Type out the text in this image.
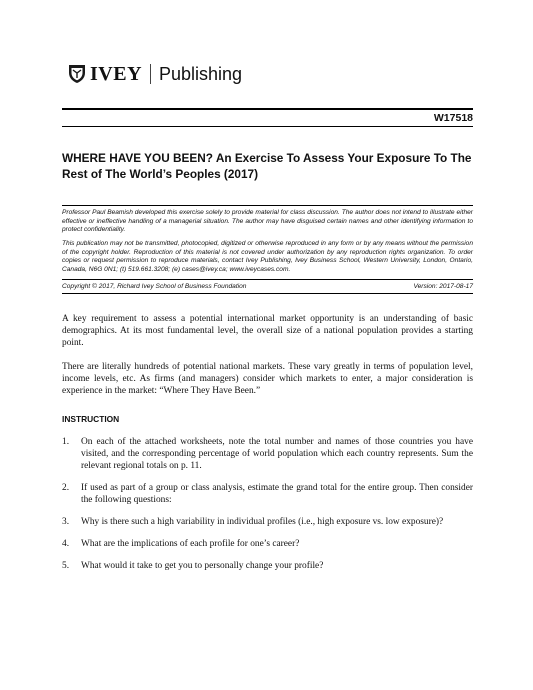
IVEY Publishing
W17518
WHERE HAVE YOU BEEN? An Exercise To Assess Your Exposure To The Rest of The World’s Peoples (2017)

Professor Paul Beamish developed this exercise solely to provide material for class discussion. The author does not intend to illustrate either effective or ineffective handling of a managerial situation. The author may have disguised certain names and other identifying information to protect confidentiality.

This publication may not be transmitted, photocopied, digitized or otherwise reproduced in any form or by any means without the permission of the copyright holder. Reproduction of this material is not covered under authorization by any reproduction rights organization. To order copies or request permission to reproduce materials, contact Ivey Publishing, Ivey Business School, Western University, London, Ontario, Canada, N6G 0N1; (t) 519.661.3208; (e) cases@ivey.ca; www.iveycases.com.

Copyright © 2017, Richard Ivey School of Business Foundation	Version: 2017-08-17

A key requirement to assess a potential international market opportunity is an understanding of basic demographics. At its most fundamental level, the overall size of a national population provides a starting point.

There are literally hundreds of potential national markets. These vary greatly in terms of population level, income levels, etc. As firms (and managers) consider which markets to enter, a major consideration is experience in the market: “Where They Have Been.”

INSTRUCTION
1.	On each of the attached worksheets, note the total number and names of those countries you have visited, and the corresponding percentage of world population which each country represents. Sum the relevant regional totals on p. 11.
2.	If used as part of a group or class analysis, estimate the grand total for the entire group. Then consider the following questions:
3.	Why is there such a high variability in individual profiles (i.e., high exposure vs. low exposure)?
4.	What are the implications of each profile for one’s career?
5.	What would it take to get you to personally change your profile?
